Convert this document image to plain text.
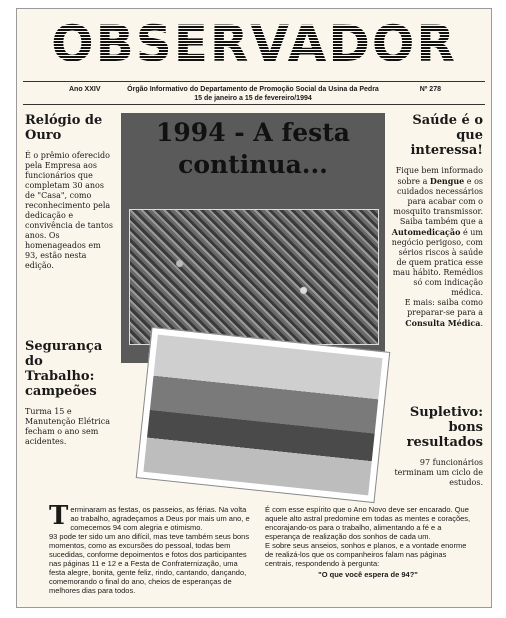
OBSERVADOR
Ano XXIV	Órgão Informativo do Departamento de Promoção Social da Usina da Pedra
15 de janeiro a 15 de fevereiro/1994
Nº 278

Relógio de Ouro

É o prêmio oferecido pela Empresa aos funcionários que completam 30 anos de "Casa", como reconhecimento pela dedicação e convivência de tantos anos. Os homenageados em 93, estão nesta edição.

Segurança do Trabalho: campeões

Turma 15 e Manutenção Elétrica fecham o ano sem acidentes.

1994 - A festa continua...

Saúde é o que interessa!

Fique bem informado sobre a Dengue e os cuidados necessários para acabar com o mosquito transmissor.
Saiba também que a Automedicação é um negócio perigoso, com sérios riscos à saúde de quem pratica esse mau hábito. Remédios só com indicação médica.
E mais: saiba como preparar-se para a Consulta Médica.

Supletivo: bons resultados

97 funcionários terminam um ciclo de estudos.

T erminaram as festas, os passeios, as férias. Na volta ao trabalho, agradeçamos a Deus por mais um ano, e comecemos 94 com alegria e otimismo.
93 pode ter sido um ano difícil, mas teve também seus bons momentos, como as excursões do pessoal, todas bem sucedidas, conforme depoimentos e fotos dos participantes nas páginas 11 e 12 e a Festa de Confraternização, uma festa alegre, bonita, gente feliz, rindo, cantando, dançando, comemorando o final do ano, cheios de esperanças de melhores dias para todos.
É com esse espírito que o Ano Novo deve ser encarado. Que aquele alto astral predomine em todas as mentes e corações, encorajando-os para o trabalho, alimentando a fé e a esperança de realização dos sonhos de cada um.
E sobre seus anseios, sonhos e planos, e a vontade enorme de realizá-los que os companheiros falam nas páginas centrais, respondendo à pergunta:
"O que você espera de 94?"
